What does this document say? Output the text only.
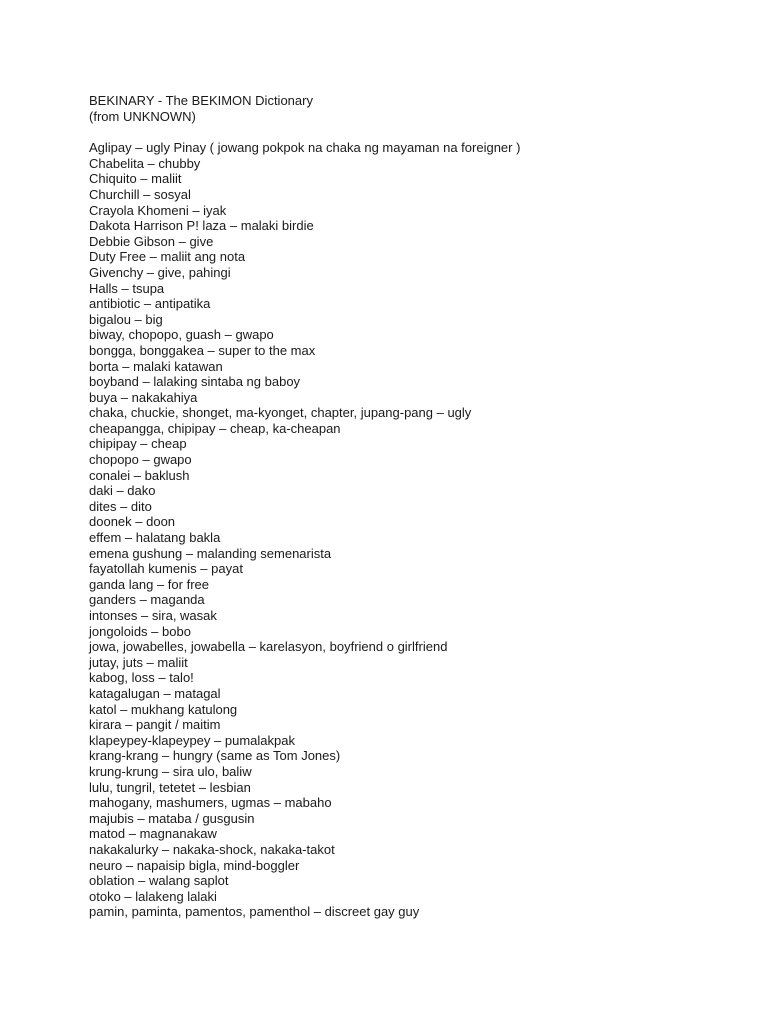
BEKINARY - The BEKIMON Dictionary
(from UNKNOWN)
Aglipay – ugly Pinay ( jowang pokpok na chaka ng mayaman na foreigner )
Chabelita – chubby
Chiquito – maliit
Churchill – sosyal
Crayola Khomeni – iyak
Dakota Harrison P! laza – malaki birdie
Debbie Gibson – give
Duty Free – maliit ang nota
Givenchy – give, pahingi
Halls – tsupa
antibiotic – antipatika
bigalou – big
biway, chopopo, guash – gwapo
bongga, bonggakea – super to the max
borta – malaki katawan
boyband – lalaking sintaba ng baboy
buya – nakakahiya
chaka, chuckie, shonget, ma-kyonget, chapter, jupang-pang – ugly
cheapangga, chipipay – cheap, ka-cheapan
chipipay – cheap
chopopo – gwapo
conalei – baklush
daki – dako
dites – dito
doonek – doon
effem – halatang bakla
emena gushung – malanding semenarista
fayatollah kumenis – payat
ganda lang – for free
ganders – maganda
intonses – sira, wasak
jongoloids – bobo
jowa, jowabelles, jowabella – karelasyon, boyfriend o girlfriend
jutay, juts – maliit
kabog, loss – talo!
katagalugan – matagal
katol – mukhang katulong
kirara – pangit / maitim
klapeypey-klapeypey – pumalakpak
krang-krang – hungry (same as Tom Jones)
krung-krung – sira ulo, baliw
lulu, tungril, tetetet – lesbian
mahogany, mashumers, ugmas – mabaho
majubis – mataba / gusgusin
matod – magnanakaw
nakakalurky – nakaka-shock, nakaka-takot
neuro – napaisip bigla, mind-boggler
oblation – walang saplot
otoko – lalakeng lalaki
pamin, paminta, pamentos, pamenthol – discreet gay guy
